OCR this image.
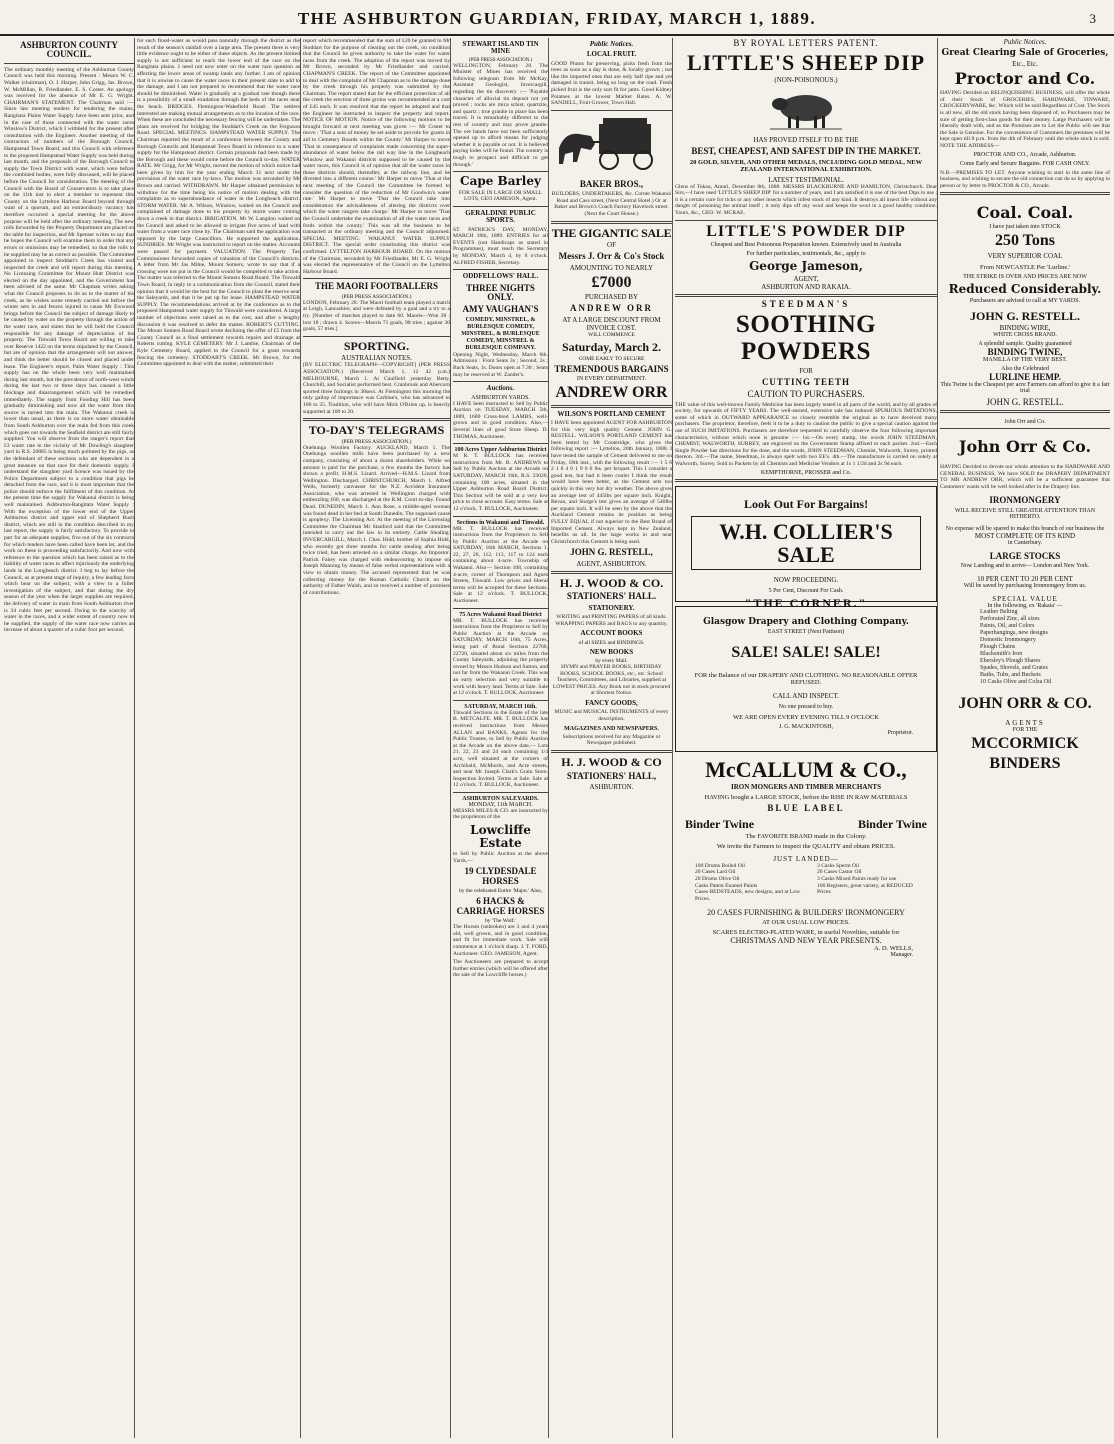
THE ASHBURTON GUARDIAN, FRIDAY, MARCH 1, 1889.	3
ASHBURTON COUNTY COUNCIL.

The ordinary monthly meeting of the Ashburton County Council was held this morning. Present : Messrs W. C. Walker (chairman), O. J. Harper, John Grigg, Jas. Brown, W. McMillan, R. Friedlander, E. S. Coster. An apology was received for the absence of Mr E. G. Wright. CHAIRMAN'S STATEMENT. The Chairman said :— Since last meeting tenders for tendering the mains, Rangitata Plains Water Supply have been sent prior, and in the case of those connected with the water races Winslow's District, which I withheld for the present after consultation with the Engineer. Another meeting of the contractors of numbers of the Borough Council, Hampstead Town Board, and this Council with reference to the proposed Hampstead Water Supply was held during last month, and the proposals of the Borough Council to supply the Town District with water, which were before the combined bodies, were fully discussed, will be placed before the Council for consideration. The meeting of the Council with the Board of Conservators is to take place on the 11th inst to elect a member to represent this County on the Lyttelton Harbour Board beyond through want of a quorum, and an extraordinary vacancy has therefore occurred a special meeting for the above purpose will be held after the ordinary meeting. The new rolls forwarded by the Property Department are placed on the table for inspection, and Mr Spenser writes to say that he hopes the Council will examine them in order that any errors or omissions may be remedied, so that the rolls to be supplied may be as correct as possible. The Committee appointed to inspect Stoddart's Creek has visited and inspected the creek and will report during this meeting. No Licensing Committee for Mount Hutt District was elected on the day appointed, and the Government has been advised of the same. Mr Chapman writes asking what the Council proposes to do as to the matter of his creek, as he wishes some remedy carried out before the winter sets in and fences injured to cause Mr Ewwood brings before the Council the subject of damage likely to be caused by water on the property through the action of the water race, and states that he will hold the Council responsible for any damage of depreciation of his property. The Tinwald Town Board are willing to take over Reserve 1422 on the terms stipulated by the Council, but are of opinion that the arrangement will not answer, and think the better should be closed and placed under lease. The Engineer's report. Palm Water Supply : This supply has on the whole been very well maintained during last month, but the prevalence of north-west winds during the last two or three days has caused a little blockage and disarrangement which will be remedied immediately. The supply from Fooding Hill has been gradually diminishing and now all the water from this source is turned into the main. The Wakanui creek is lower than usual, as there is no more water obtainable from South Ashburton over the main fed from this creek which goes out towards the Seafield district are still fairly supplied. You will observe from the ranger's report that £3 water rate in the vicinity of Mr Dowling's slaughter yard in R.S. 20885 is being much polluted by the pigs, as the defendant of these sections who are dependent in a great measure on that race for their domestic supply. I understand the slaughter yard licence was issued by the Police Department subject to a condition that pigs be detached from the race, and it is most important that the police should enforce the fulfilment of this condition. At the present time the supply for Wakanui district is being well maintained. Ashburton-Rangitata Water Supply : With the exception of the lower end of the Upper Ashburton district and upper end of Shepherd Bush district, which are still in the condition described in my last report, the supply is fairly satisfactory. To provide in part for an adequate supplies, five out of the six contracts for which tenders have been called have been let, and the work on these is proceeding satisfactorily. And now with reference to the question which has been raised as to the liability of water races to affect injuriously the underlying lands in the Longbeach district. I beg to lay before the Council, as at present stage of inquiry, a few leading facts which bear on the subject, with a view to a fuller investigation of the subject, and that during the dry season of the year when the larger supplies are required, the delivery of water in main from South Ashburton river is 34 cubic feet per second. Owing to the scarcity of water in the races, and a wider extent of country now to be supplied, the supply of the water race now carries an increase of about a quarter of a cubic foot per second.

for such flood-water as would pass naturally through the district as the result of the season's rainfall over a large area. The present there is very little evidence ought to be either of these objects. As the present limited supply is not sufficient to reach the lower end of the race on the Rangitata plains. I need not now enter on the water race question as affecting the lower areas of swamp lands any further. I am of opinion that it is unwise to cause the water races in their present state to add to the damage, and I am not prepared to recommend that the water race should be diminished. Water is gradually at a gradual rate though there is a possibility of a small exudation through the beds of the races near the beach. BRIDGES. Flemington-Wakefield Road: The settlers interested are making mutual arrangements as to the location of the race. When these are concluded the necessary fencing will be undertaken. The plans are received for bridging the Stoddart's Creek on the Ferguson Road. SPECIAL MEETINGS. HAMPSTEAD WATER SUPPLY. The Chairman reported the result of a conference between the County and Borough Councils and Hampstead Town Board in reference to a water supply for the Hampstead district. Certain proposals had been made by the Borough and these would come before the Council to-day. WATER RATE. Mr Grigg, for Mr Wright, moved the motion of which notice had been given by him for the year ending March 31 next under the provisions of the water race by-laws. The motion was seconded by Mr Brown and carried. WITHDRAWN. Mr Harper obtained permission to withdraw for the time being his notice of motion dealing with the complaints as to superabundance of water in the Longbeach district. STORM WATER. Mr A. Wilson, Winslow, waited on the Council and complained of damage done to his property by storm water coming down a creek in that district. IRRIGATION. Mr W. Langdon waited on the Council and asked to be allowed to irrigate five acres of land with water from a water race close by. The Chairman said the application was opposed by the large Councillors. He supported the application. SUNDRIES. Mr Wright was instructed to report on the matter. Accounts were passed for payment. VALUATION. The Property Tax Commissioner forwarded copies of valuation of the Council's districts. A letter from Mr Jas Milne, Mount Somers, wrote to say that if a crossing were not put in the Council would be compelled to take action. The matter was referred to the Mount Somers Road Board. The Tinwald Town Board, in reply to a communication from the Council, stated their opinion that it would be the best for the Council to plant the reserve near the Saleyards, and that it be put up for lease. HAMPSTEAD WATER SUPPLY. The recommendations arrived at by the conference as to the proposed Hampstead water supply for Tinwald were considered. A large number of objections were raised as to the cost, and after a lengthy discussion it was resolved to defer the matter. ROBERT'S CUTTING. The Mount Somers Road Board wrote declining the offer of £5 from the County Council as a final settlement towards repairs and drainage at Roberts cutting. KYLE CEMETERY. Mr J. Lambie, Chairman of the Kyle Cemetery Board, applied to the Council for a grant towards fencing the cemetery. STODDART'S CREEK. Mr Brown, for the Committee appointed to deal with the matter, submitted their

report which recommended that the sum of £20 be granted to Mr Stoddart for the purpose of clearing out the creek, on condition that the Council be given authority to take the water for water races from the creek. The adoption of the report was moved by Mr Brown, seconded by Mr Friedlander and carried. CHAPMAN'S CREEK. The report of the Committee appointed to deal with the complaint of Mr Chapman as to the damage done by the creek through his property was submitted by the Chairman. The report stated that for the efficient protection of all the creek the erection of three groins was recommended at a cost of £45 each. It was resolved that the report be adopted and that the Engineer be instructed to inspect the property and report. NOTICE OF MOTION. Notice of the following motions to be brought forward at next meeting was given :— Mr Coster to move : 'That a sum of money be set aside to provide for grants in aid to Cemetery Boards within the County.' Mr Harper to move 'That in consequence of complaints made concerning the super-abundance of water below the rail way line in the Longbeach Winslow and Wakanui districts supposed to be caused by the water races, this Council is of opinion that all the water races in those districts should, thereafter, at the railway line, and be diverted into a different course.' Mr Harper to move 'That at the next meeting of the Council the Committee be formed to consider the question of the reduction of Mr Goodwin's water rate.' Mr Harper to move 'That the Council take into consideration the advisableness of altering the districts over which the water rangers take charge.' Mr Harper to move 'That the Council undertake the examination of all the water races and fords within the county.' This was all the business to be transacted at the ordinary meeting and the Council adjourned. SPECIAL MEETING. WAKANUI WATER SUPPLY DISTRICT. The special order constituting this district was confirmed. LYTTELTON HARBOUR BOARD. On the motion of the Chairman, seconded by Mr Friedlander, Mr E. G. Wright was elected the representative of the Council on the Lyttelton Harbour Board.

THE MAORI FOOTBALLERS
(PER PRESS ASSOCIATION.)

LONDON, February 28. The Maori football team played a match at Leigh, Lancashire, and were defeated by a goal and a try to a try. [Number of matches played to date 60. Maoris—Won 38 ; lost 18 ; drawn 4. Scores—Maoris 71 goals, 98 tries ; against 30 goals, 57 tries.]

SPORTING.
AUSTRALIAN NOTES.

[BY ELECTRIC TELEGRAPH—COPYRIGHT] (PER PRESS ASSOCIATION.) (Received March 1, 12 42 p.m.) MELBOURNE, March 1. At Caulfield yesterday Betty, Churchill, and Socialist performed best. Cranbrook and Abercorn sported three furlongs in 38secs. At Flemington this morning the only gallop of importance was Carbine's, who has advanced to 100 to 25. Tradition, who will have Mick O'Brien up, is heavily supported at 100 to 20.

TO-DAY'S TELEGRAMS
(PER PRESS ASSOCIATION.)

Onehunga Woollen Factory. AUCKLAND, March 1. The Onehunga woollen mills have been purchased by a new company, consisting of about a dozen shareholders. While no amount is paid for the purchase, a few months the factory has shown a profit. H.M.S. Lizard. Arrived—H.M.S. Lizard from Wellington. Discharged. CHRISTCHURCH, March 1. Alfred Wells, formerly canvasser for the N.Z. Accident Insurance Association, who was arrested in Wellington charged with embezzling £60, was discharged at the R.M. Court to-day. Found Dead. DUNEDIN, March 1. Ann Rose, a middle-aged woman was found dead in her bed at South Dunedin. The supposed cause is apoplexy. The Licensing Act. At the meeting of the Licensing Committee the Chairman Mr Stanford said that the Committee intended to carry out the law in its entirety. Cattle Stealing. INVERCARGILL, March 1. Chas. Hidd, brother of Sophia Hidd, who recently got three months for cattle stealing after being twice tried, has been arrested on a similar charge. An Impostor. Patrick Fahey was charged with endeavouring to impose on Joseph Manning by means of false verbal representations with a view to obtain money. The accused represented that he was collecting money for the Roman Catholic Church on the authority of Father Walsh, and so received a number of promises of contributions.

STEWART ISLAND TIN MINE
(PER PRESS ASSOCIATION.)

WELLINGTON, February 28. The Minister of Mines has received the following telegram from Mr McKay, Assistant Geologist, Invercargill, regarding the tin discovery :— 'Payable character of alluvial tin deposit not yet proved ; rocks are mica schist, quartzite, and quartz ; true granite in place has been traced. It is remarkably different to the rest of country and may prove granite. The ore bands have not been sufficiently opened up to afford means for judging whether it is payable or not. It is believed paying lodes will be found. The country is tough to prospect and difficult to get through.'

Cape Barley

FOR SALE IN LARGE OR SMALL LOTS, GEO JAMESON, Agent.

GERALDINE PUBLIC SPORTS.

ST. PATRICK'S DAY, MONDAY, MARCH 18th, 1889. ENTRIES for all EVENTS (not Handicaps as stated in Programmes), must reach the Secretary by MONDAY, March 4, by 8 o'clock. ALFRED FISHER, Secretary.

ODDFELLOWS' HALL.
THREE NIGHTS ONLY.
AMY VAUGHAN'S
COMEDY, MINSTREL, & BURLESQUE COMEDY, MINSTREL, & BURLESQUE COMEDY, MINSTREL & BURLESQUE COMPANY.

Opening Night, Wednesday, March 6th. Admission : Front Seats 3s ; Second, 2s ; Back Seats, 1s. Doors open at 7.30 ; Seats may be reserved at W. Zander's.

Auctions.
ASHBURTON YARDS.

I HAVE been instructed to Sell by Public Auction on TUESDAY, MARCH 5th, 1889, 1600 Cross-bred LAMBS, well-grown and in good condition. Also,— Several lines of good Store Sheep. D. THOMAS, Auctioneer.

100 Acres Upper Ashburton District

M R. T. BULLOCK has received instructions from Mr. B. ANDREWS to Sell by Public Auction at the Arcade on SATURDAY, MARCH 16th, R.S. 23020, containing 100 acres, situated in the Upper Ashburton Road Board District. This Section will be sold at a very low price to close account. Easy terms. Sale at 12 o'clock. T. BULLOCK, Auctioneer.

Sections in Wakanui and Tinwald.

MR. T. BULLOCK has received instructions from the Proprietors to Sell by Public Auction at the Arcade on SATURDAY, 16th MARCH, Sections 1, 22, 27, 28, 112, 113, 117 to 124 each containing about 4-acre. Township of Wakanui. Also— Section 108, containing 4-acre, corner of Thompson and Agnes Streets, Tinwald. Low prices and liberal terms will be accepted for these Sections. Sale at 12 o'clock. T. BULLOCK, Auctioneer.

75 Acres Wakanui Road District

MR. T. BULLOCK has received instructions from the Proprietor to Sell by Public Auction at the Arcade on SATURDAY, MARCH 16th, 75 Acres, being part of Rural Sections 22760, 22720, situated about six miles from the County Saleyards, adjoining the property owned by Messrs Hudson and Sutton, and not far from the Wakanui Creek. This was an early selection and very suitable to work with heavy land. Terms at Sale. Sale at 12 o'clock. T. BULLOCK, Auctioneer.

SATURDAY, MARCH 16th.

Tinwald Sections in the Estate of the late B. METCALFE. MR. T. BULLOCK has received instructions from Messrs ALLAN and BANKS, Agents for the Public Trustee, to Sell by Public Auction at the Arcade on the above date,— Lots 21, 22, 23 and 24 each containing 1/4 acre, well situated at the corners of Archibald, McMurdo, and Acre streets, and near Mr Joseph Clark's Grain Store. Inspection Invited. Terms at Sale. Sale at 12 o'clock. T. BULLOCK, Auctioneer.

ASHBURTON SALEYARDS.
MONDAY, 11th MARCH.

MESSRS MILES & CO. are instructed by the proprietors of the

Lowcliffe Estate

to Sell by Public Auction at the above Yards,—

19 CLYDESDALE HORSES
by the celebrated Entire 'Major.' Also,
6 HACKS & CARRIAGE HORSES
by 'The Wolf.'

The Horses (unbroken) are 3 and 4 years old, well grown, and in good condition, and fit for immediate work. Sale will commence at 1 o'clock sharp. J. T. FORD, Auctioneer. GEO. JAMESON, Agent.

The Auctioneers are prepared to accept further entries (which will be offered after the sale of the Lowcliffe horses.)

Public Notices.
LOCAL FRUIT.

GOOD Plums for preserving, picks fresh from the trees as soon as a day is done, & locally grown ; not like the imported ones that are only half ripe and yet damaged in transit, being so long on the road. Fresh picked fruit is the only sort fit for jams. Good Kidney Potatoes at the lowest Market Rates. A. W. SANDELL, Fruit Grower, Town Hall.

BAKER BROS.,

BUILDERS, UNDERTAKERS, &c. Corner Wakanui Road and Cass street, (Next Central Hotel.) Or at Baker and Brown's Coach Factory Havelock street. (Next the Court House.)

THE GIGANTIC SALE
OF
Messrs J. Orr & Co's Stock
AMOUNTING TO NEARLY
£7000
PURCHASED BY
ANDREW ORR
AT A LARGE DISCOUNT FROM INVOICE COST.
WILL COMMENCE
Saturday, March 2.
COME EARLY TO SECURE
TREMENDOUS BARGAINS
IN EVERY DEPARTMENT.
ANDREW ORR
WILSON'S PORTLAND CEMENT

I HAVE been appointed AGENT FOR ASHBURTON for this very high quality Cement. JOHN G. RESTELL. WILSON'S PORTLAND CEMENT has been tested by Mr Cooteridge, who gives the following report :— Lyttelton, 20th January, 1888. I have tested the sample of Cement delivered to me on Friday, 18th inst., with the following result :— 1 5 6 2 1 8 4 0 1 9 0 0 lbs. per briquet. This I consider a good test, but had it been cooler I think the result would have been better, as the Cement sets too quickly in this very hot dry weather. The above gives an average test of 445lbs per square inch. Knight, Bevan, and Sturge's test gives an average of 540lbs per square inch. It will be seen by the above that the Auckland Cement retains its position as being FULLY EQUAL if not superior to the Best Brand of Imported Cement. Always kept in New Zealand, benefits us all. In the large works in and near Christchurch this Cement is being used.

JOHN G. RESTELL,
AGENT, ASHBURTON.
H. J. WOOD & CO.
STATIONERS' HALL.
STATIONERY.

WRITING and PRINTING PAPERS of all kinds. WRAPPING PAPERS and BAGS to any quantity.

ACCOUNT BOOKS
of all SIZES and BINDINGS.
NEW BOOKS
by every Mail.

HYMN and PRAYER BOOKS, BIRTHDAY BOOKS, SCHOOL BOOKS, etc., etc. School Teachers, Committees, and Libraries, supplied at LOWEST PRICES. Any Book not in stock procured at Shortest Notice.

FANCY GOODS,

MUSIC and MUSICAL INSTRUMENTS of every description.

MAGAZINES AND NEWSPAPERS.

Subscriptions received for any Magazine or Newspaper published.

H. J. WOOD & CO
STATIONERS' HALL,
ASHBURTON.
BY ROYAL LETTERS PATENT.
LITTLE'S SHEEP DIP
(NON-POISONOUS.)
HAS PROVED ITSELF TO BE THE
BEST, CHEAPEST, AND SAFEST DIP IN THE MARKET.
20 GOLD, SILVER, AND OTHER MEDALS, INCLUDING GOLD MEDAL, NEW ZEALAND INTERNATIONAL EXHIBITION.
LATEST TESTIMONIAL.

Glens of Tekoa, Amuri, December 8th, 1888. MESSRS BLACKBURNE AND HAMILTON, Christchurch. Dear Sirs,—I have used 'LITTLE'S SHEEP DIP' for a number of years, and I am satisfied it is one of the best Dips in use ; it is a certain cure for ticks or any other insects which infest stock of any kind. It destroys all insect life without any danger of poisoning the animal itself ; it only dips off any wool and keeps the wool in a good healthy condition. Yours, &c., GEO. W. MCRAE.

LITTLE'S POWDER DIP
Cheapest and Best Poisonous Preparation known. Extensively used in Australia
For further particulars, testimonials, &c., apply to
George Jameson,
AGENT,
ASHBURTON AND RAKAIA.
STEEDMAN'S
SOOTHING POWDERS
FOR
CUTTING TEETH
CAUTION TO PURCHASERS.

THE value of this well-known Family Medicine has been largely tested in all parts of the world, and by all grades of society, for upwards of FIFTY YEARS. The well-earned, extensive sale has induced SPURIOUS IMITATIONS, some of which in OUTWARD APPEARANCE so closely resemble the original as to have deceived many purchasers. The proprietor, therefore, feels it to be a duty to caution the public to give a special caution against the use of SUCH IMITATIONS. Purchasers are therefore requested to carefully observe the four following important characteristics, without which none is genuine :— 1st.—On every stamp, the words JOHN STEEDMAN, CHEMIST, WALWORTH, SURREY, are engraved on the Government Stamp affixed to each packet. 2nd.—Each Single Powder has directions for the dose, and the words, JOHN STEEDMAN, Chemist, Walworth, Surrey, printed thereon. 3rd.—The name, Steedman, is always spelt with two EE's. 4th.—The manufacture is carried on solely at Walworth, Surrey. Sold in Packets by all Chemists and Medicine Vendors at 1s 1 1/2d and 2s 9d each.

KEMPTHORNE, PROSSER and Co.
Look Out For Bargains!
W.H. COLLIER'S SALE
NOW PROCEEDING.
5 Per Cent, Discount For Cash.
"THE CORNER."
Glasgow Drapery and Clothing Company.
EAST STREET (Next Pattison)
SALE! SALE! SALE!
FOR the Balance of our DRAPERY AND CLOTHING. NO REASONABLE OFFER REFUSED.
CALL AND INSPECT.
No one pressed to buy.
WE ARE OPEN EVERY EVENING TILL 9 O'CLOCK
J. G. MACKINTOSH,
Proprietor.
McCALLUM & CO.,
IRON MONGERS AND TIMBER MERCHANTS
HAVING bought a LARGE STOCK, before the RISE IN RAW MATERIALS
BLUE LABEL
Binder Twine	Binder Twine
The FAVORITE BRAND made in the Colony.
We invite the Farmers to inspect the QUALITY and obtain PRICES.
JUST LANDED—
100 Drums Boiled Oil
20 Cases Lard Oil
20 Drums Olive Oil
Casks Patent Enamel Paints
Cases BEDSTEADS, new designs, and at Low Prices.
3 Casks Sperm Oil
20 Cases Castor Oil
3 Casks Mixed Paints ready for use
100 Registers, great variety, at REDUCED Prices
20 CASES FURNISHING & BUILDERS' IRONMONGERY
AT OUR USUAL LOW PRICES.
SCARES ELECTRO-PLATED WARE, in useful Novelties, suitable for
CHRISTMAS AND NEW YEAR PRESENTS.
A. D. WELLS,
Manager.
Public Notices.
Great Clearing Sale of Groceries,
Etc., Etc.
Proctor and Co.

HAVING Decided on RELINQUISHING BUSINESS, will offer the whole of their Stock of GROCERIES, HARDWARE, TINWARE, CROCKERYWARE, &c. Which will be sold Regardless of Cost. The Stock is all new, all the old stock having been disposed of, so Purchasers may be sure of getting first-class goods for their money. Large Purchasers will be liberally dealt with, and as the Premises are to Let the Public will see that the Sale is Genuine. For the convenience of Customers the premises will be kept open till 8 p.m. from the 4th of February until the whole stock is sold. NOTE THE ADDRESS—

PROCTOR AND CO., Arcade, Ashburton.
Come Early and Secure Bargains. FOR CASH ONLY.

N.B.—PREMISES TO LET. Anyone wishing to start in the same line of business, and wishing to secure the old connection can do so by applying in person or by letter to PROCTOR & CO., Arcade.

Coal. Coal.
I have just taken into STOCK
250 Tons
VERY SUPERIOR COAL
From NEWCASTLE Per 'Lurline.'
THE STRIKE IS OVER AND PRICES ARE NOW
Reduced Considerably.
Purchasers are advised to call at MY YARDS.
JOHN G. RESTELL.
BINDING WIRE,
WHITE CROSS BRAND.
A splendid sample. Quality guaranteed
BINDING TWINE,
MANILLA OF THE VERY BEST.
Also the Celebrated
LURLINE HEMP.
This Twine is the Cheapest per acre Farmers can afford to give it a fair trial
JOHN G. RESTELL.
John Orr and Co.
John Orr & Co.

HAVING Decided to devote our whole attention to the HARDWARE AND GENERAL BUSINESS, We have SOLD the DRAPERY DEPARTMENT TO MR ANDREW ORR, which will be a sufficient guarantee that Customers' wants will be well looked after in the Drapery line.

IRONMONGERY
WILL RECEIVE STILL GREATER ATTENTION THAN HITHERTO.
No expense will be spared to make this branch of our business the
MOST COMPLETE OF ITS KIND
in Canterbury.
LARGE STOCKS
Now Landing and to arrive— London and New York.
10 PER CENT TO 20 PER CENT
Will be saved by purchasing Ironmongery from us.
SPECIAL VALUE
In the following, ex 'Rakaia' —
Leather Belting
Perforated Zinc, all sizes
Paints, Oil, and Colors
Paperhangings, new designs
Domestic Ironmongery
Plough Chains
Blacksmith's Iron
Ebersley's Plough Shares
Spades, Shovels, and Grates
Baths, Tubs, and Buckets
10 Casks Olive and Colza Oil
JOHN ORR & CO.
AGENTS
FOR THE
MCCORMICK
BINDERS
